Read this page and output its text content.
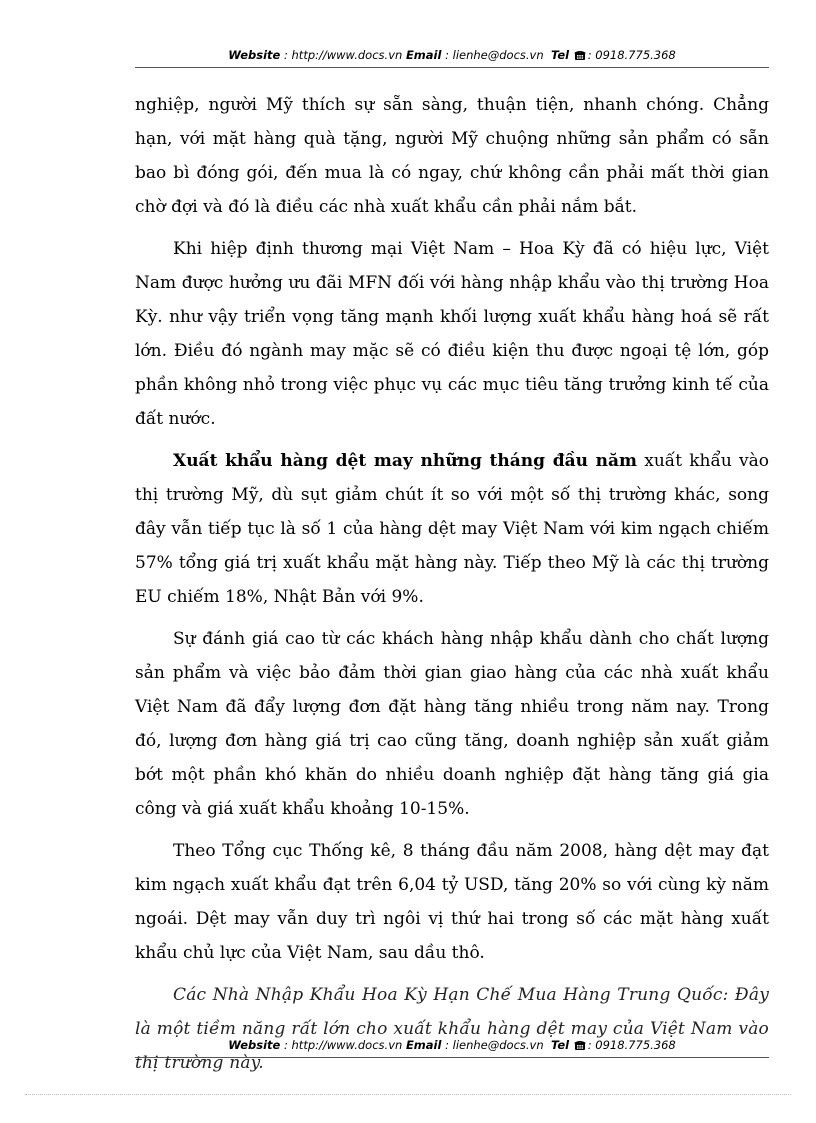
Website : http://www.docs.vn Email : lienhe@docs.vn Tel : 0918.775.368

nghiệp, người Mỹ thích sự sẵn sàng, thuận tiện, nhanh chóng. Chẳng hạn, với mặt hàng quà tặng, người Mỹ chuộng những sản phẩm có sẵn bao bì đóng gói, đến mua là có ngay, chứ không cần phải mất thời gian chờ đợi và đó là điều các nhà xuất khẩu cần phải nắm bắt.

Khi hiệp định thương mại Việt Nam – Hoa Kỳ đã có hiệu lực, Việt Nam được hưởng ưu đãi MFN đối với hàng nhập khẩu vào thị trường Hoa Kỳ. như vậy triển vọng tăng mạnh khối lượng xuất khẩu hàng hoá sẽ rất lớn. Điều đó ngành may mặc sẽ có điều kiện thu được ngoại tệ lớn, góp phần không nhỏ trong việc phục vụ các mục tiêu tăng trưởng kinh tế của đất nước.

Xuất khẩu hàng dệt may những tháng đầu năm xuất khẩu vào thị trường Mỹ, dù sụt giảm chút ít so với một số thị trường khác, song đây vẫn tiếp tục là số 1 của hàng dệt may Việt Nam với kim ngạch chiếm 57% tổng giá trị xuất khẩu mặt hàng này. Tiếp theo Mỹ là các thị trường EU chiếm 18%, Nhật Bản với 9%.

Sự đánh giá cao từ các khách hàng nhập khẩu dành cho chất lượng sản phẩm và việc bảo đảm thời gian giao hàng của các nhà xuất khẩu Việt Nam đã đẩy lượng đơn đặt hàng tăng nhiều trong năm nay. Trong đó, lượng đơn hàng giá trị cao cũng tăng, doanh nghiệp sản xuất giảm bớt một phần khó khăn do nhiều doanh nghiệp đặt hàng tăng giá gia công và giá xuất khẩu khoảng 10-15%.

Theo Tổng cục Thống kê, 8 tháng đầu năm 2008, hàng dệt may đạt kim ngạch xuất khẩu đạt trên 6,04 tỷ USD, tăng 20% so với cùng kỳ năm ngoái. Dệt may vẫn duy trì ngôi vị thứ hai trong số các mặt hàng xuất khẩu chủ lực của Việt Nam, sau dầu thô.

Các Nhà Nhập Khẩu Hoa Kỳ Hạn Chế Mua Hàng Trung Quốc: Đây là một tiềm năng rất lớn cho xuất khẩu hàng dệt may của Việt Nam vào thị trường này.

Website : http://www.docs.vn Email : lienhe@docs.vn Tel : 0918.775.368
